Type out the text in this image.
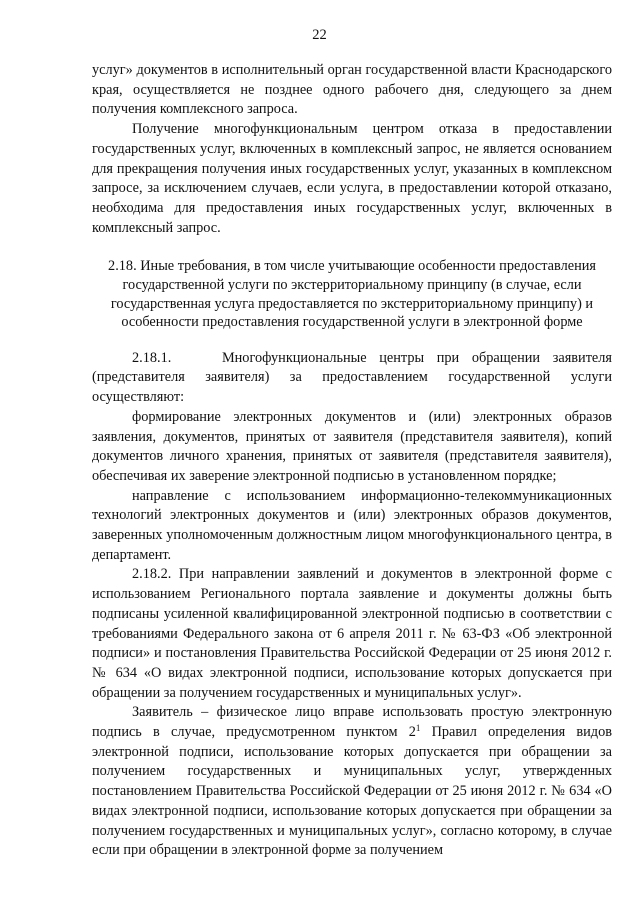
22

услуг» документов в исполнительный орган государственной власти Краснодарского края, осуществляется не позднее одного рабочего дня, следующего за днем получения комплексного запроса.

Получение многофункциональным центром отказа в предоставлении государственных услуг, включенных в комплексный запрос, не является основанием для прекращения получения иных государственных услуг, указанных в комплексном запросе, за исключением случаев, если услуга, в предоставлении которой отказано, необходима для предоставления иных государственных услуг, включенных в комплексный запрос.

2.18. Иные требования, в том числе учитывающие особенности предоставления государственной услуги по экстерриториальному принципу (в случае, если государственная услуга предоставляется по экстерриториальному принципу) и особенности предоставления государственной услуги в электронной форме

2.18.1.    Многофункциональные центры при обращении заявителя (представителя заявителя) за предоставлением государственной услуги осуществляют:

формирование электронных документов и (или) электронных образов заявления, документов, принятых от заявителя (представителя заявителя), копий документов личного хранения, принятых от заявителя (представителя заявителя), обеспечивая их заверение электронной подписью в установленном порядке;

направление с использованием информационно-телекоммуникационных технологий электронных документов и (или) электронных образов документов, заверенных уполномоченным должностным лицом многофункционального центра, в департамент.

2.18.2. При направлении заявлений и документов в электронной форме с использованием Регионального портала заявление и документы должны быть подписаны усиленной квалифицированной электронной подписью в соответствии с требованиями Федерального закона от 6 апреля 2011 г. № 63-ФЗ «Об электронной подписи» и постановления Правительства Российской Федерации от 25 июня 2012 г. № 634 «О видах электронной подписи, использование которых допускается при обращении за получением государственных и муниципальных услуг».

Заявитель – физическое лицо вправе использовать простую электронную подпись в случае, предусмотренном пунктом $2^1$ Правил определения видов электронной подписи, использование которых допускается при обращении за получением государственных и муниципальных услуг, утвержденных постановлением Правительства Российской Федерации от 25 июня 2012 г. № 634 «О видах электронной подписи, использование которых допускается при обращении за получением государственных и муниципальных услуг», согласно которому, в случае если при обращении в электронной форме за получением
